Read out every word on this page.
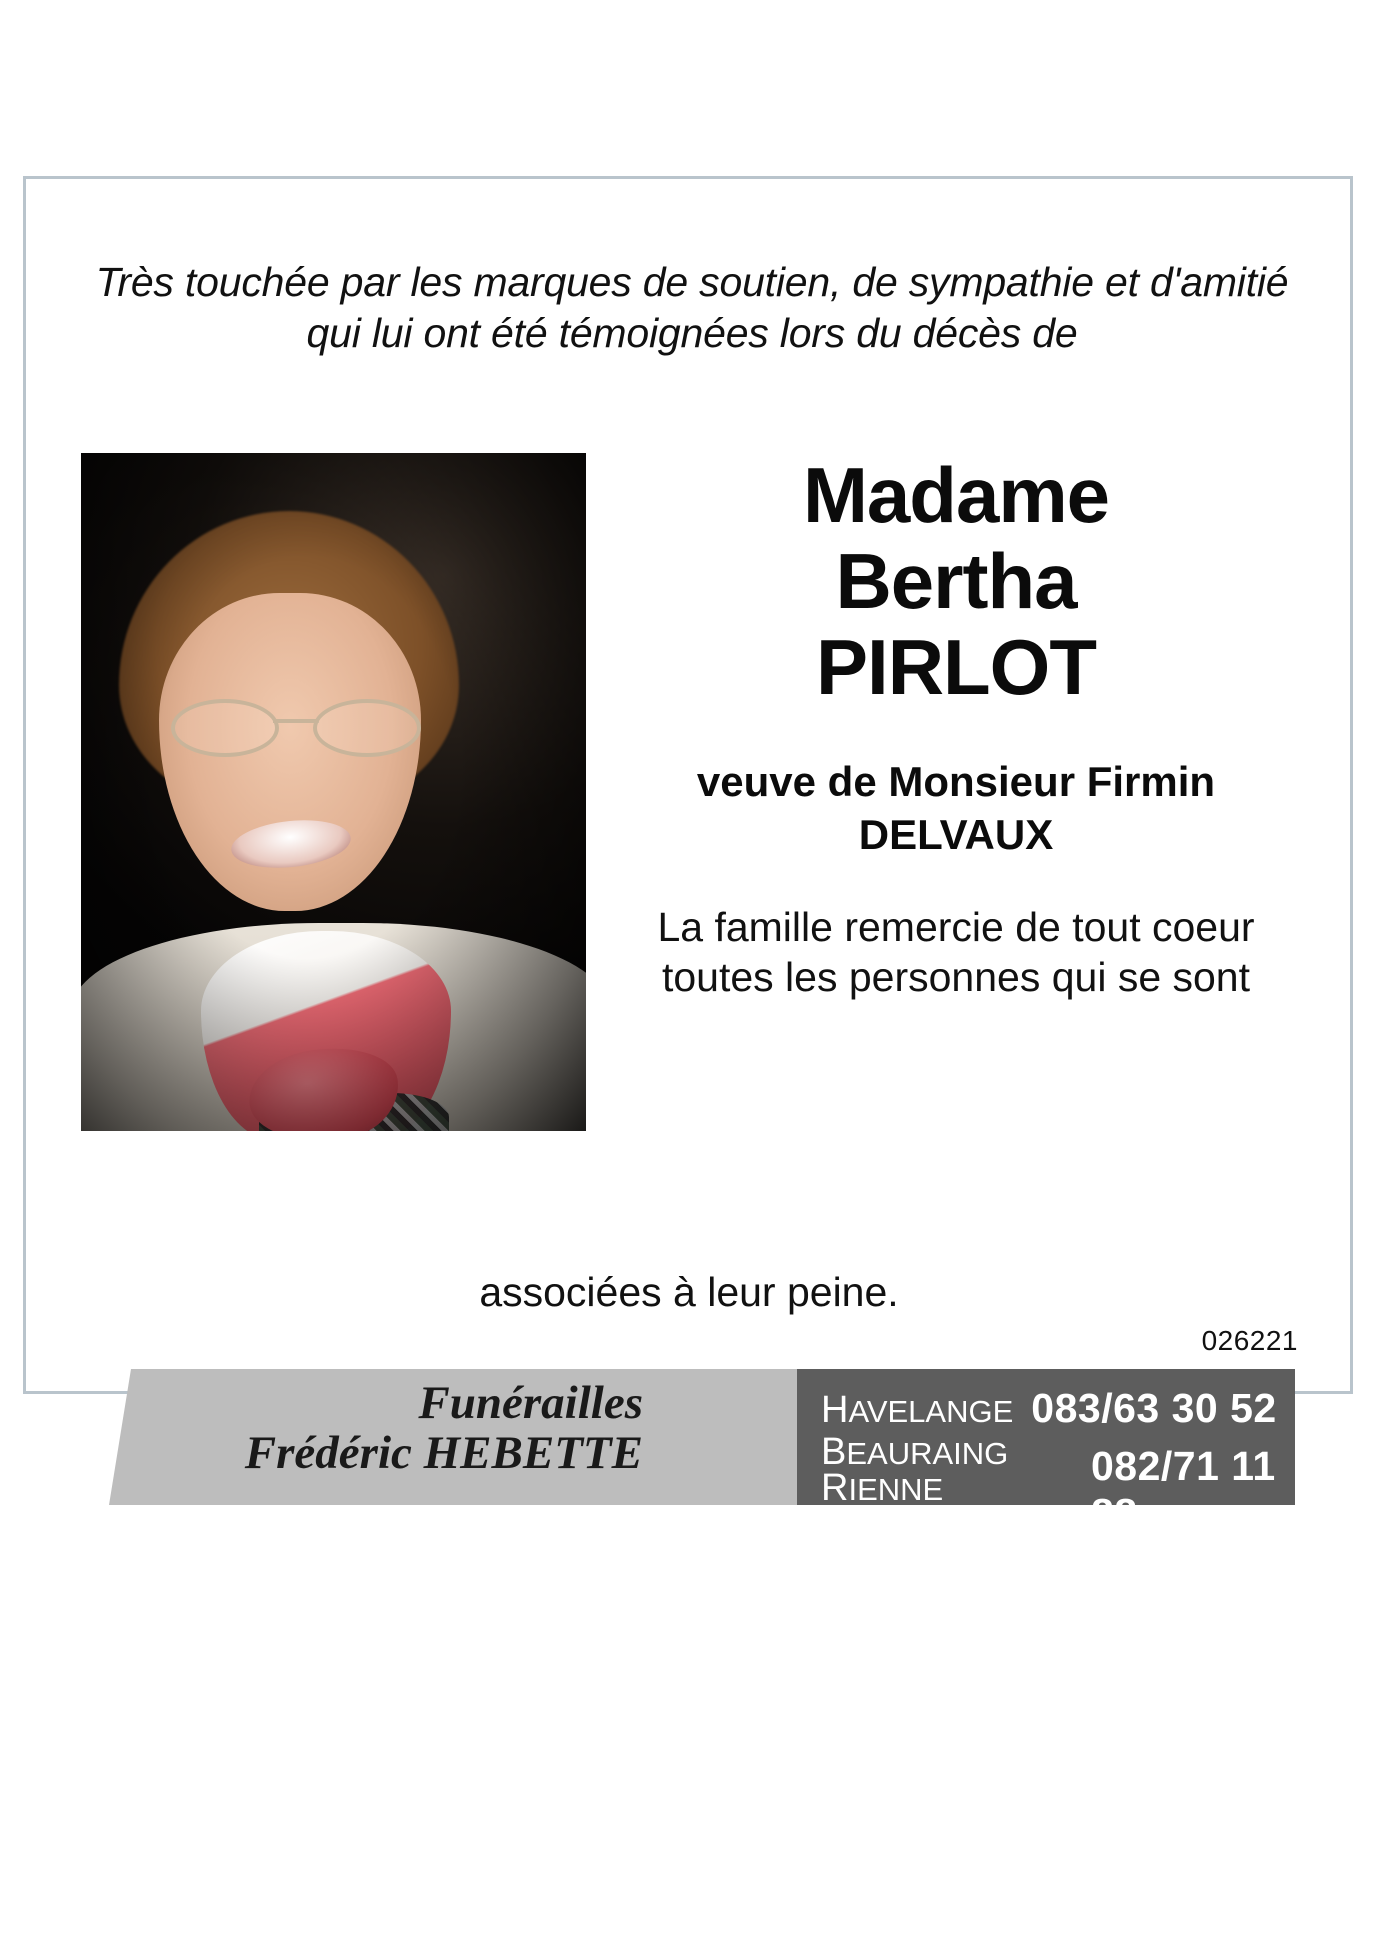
Très touchée par les marques de soutien, de sympathie et d'amitié qui lui ont été témoignées lors du décès de
Madame
Bertha
PIRLOT
veuve de Monsieur Firmin DELVAUX
La famille remercie de tout coeur toutes les personnes qui se sont
associées à leur peine.
026221
Funérailles
Frédéric HEBETTE
HAVELANGE 083/63 30 52
BEAURAING
RIENNE
082/71 11 88
